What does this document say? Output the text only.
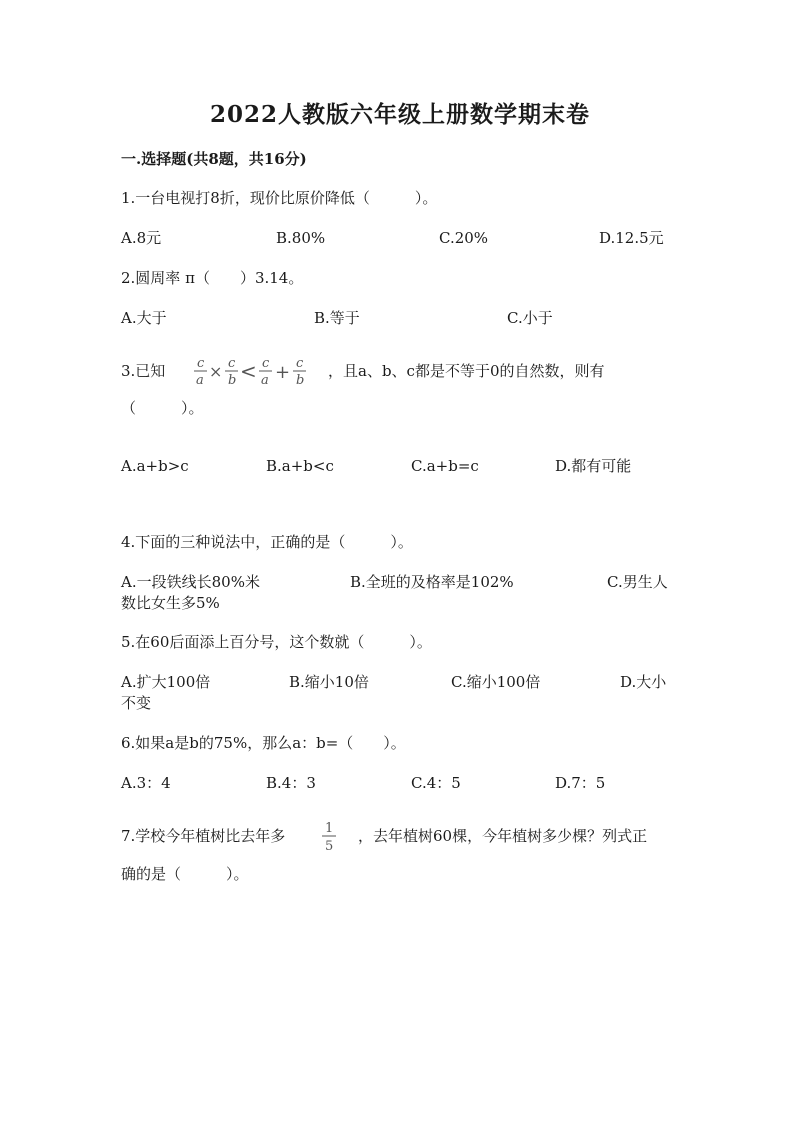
2022人教版六年级上册数学期末卷
一.选择题(共8题，共16分)
1.一台电视打8折，现价比原价降低（　　　）。
A.8元	B.80%	C.20%	D.12.5元
2.圆周率 π（　　）3.14。
A.大于	B.等于	C.小于
3.已知 c
a × c
b < c
a + c
b
，且a、b、c都是不等于0的自然数，则有
（　　　）。
A.a+b>c	B.a+b<c	C.a+b=c	D.都有可能
4.下面的三种说法中，正确的是（　　　）。
A.一段铁线长80%米	B.全班的及格率是102%	C.男生人
数比女生多5%
5.在60后面添上百分号，这个数就（　　　）。
A.扩大100倍	B.缩小10倍	C.缩小100倍	D.大小
不变
6.如果a是b的75%，那么a：b=（　　）。
A.3：4	B.4：3	C.4：5	D.7：5
7.学校今年植树比去年多	1
5
，去年植树60棵，今年植树多少棵？列式正
确的是（　　　）。
